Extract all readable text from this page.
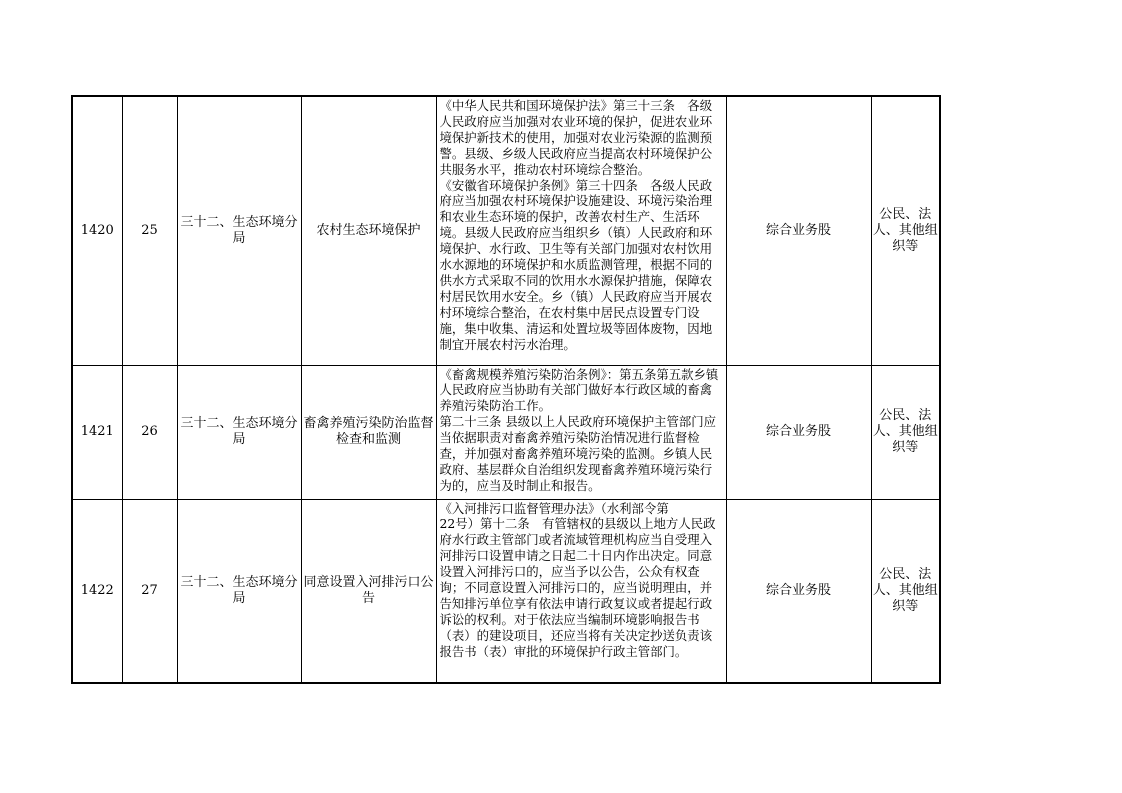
1420	25	三十二、生态环境分局	农村生态环境保护	《中华人民共和国环境保护法》第三十三条　各级人民政府应当加强对农业环境的保护，促进农业环境保护新技术的使用，加强对农业污染源的监测预警。县级、乡级人民政府应当提高农村环境保护公共服务水平，推动农村环境综合整治。
《安徽省环境保护条例》第三十四条　各级人民政府应当加强农村环境保护设施建设、环境污染治理和农业生态环境的保护，改善农村生产、生活环境。县级人民政府应当组织乡（镇）人民政府和环境保护、水行政、卫生等有关部门加强对农村饮用水水源地的环境保护和水质监测管理，根据不同的供水方式采取不同的饮用水水源保护措施，保障农村居民饮用水安全。乡（镇）人民政府应当开展农村环境综合整治，在农村集中居民点设置专门设施，集中收集、清运和处置垃圾等固体废物，因地制宜开展农村污水治理。	综合业务股	公民、法人、其他组织等
1421	26	三十二、生态环境分局	畜禽养殖污染防治监督检查和监测	《畜禽规模养殖污染防治条例》：第五条第五款乡镇人民政府应当协助有关部门做好本行政区域的畜禽养殖污染防治工作。
第二十三条 县级以上人民政府环境保护主管部门应当依据职责对畜禽养殖污染防治情况进行监督检查，并加强对畜禽养殖环境污染的监测。乡镇人民政府、基层群众自治组织发现畜禽养殖环境污染行为的，应当及时制止和报告。	综合业务股	公民、法人、其他组织等
1422	27	三十二、生态环境分局	同意设置入河排污口公告	《入河排污口监督管理办法》（水利部令第
22号）第十二条　有管辖权的县级以上地方人民政府水行政主管部门或者流域管理机构应当自受理入河排污口设置申请之日起二十日内作出决定。同意设置入河排污口的，应当予以公告，公众有权查询；不同意设置入河排污口的，应当说明理由，并告知排污单位享有依法申请行政复议或者提起行政诉讼的权利。对于依法应当编制环境影响报告书（表）的建设项目，还应当将有关决定抄送负责该报告书（表）审批的环境保护行政主管部门。	综合业务股	公民、法人、其他组织等
